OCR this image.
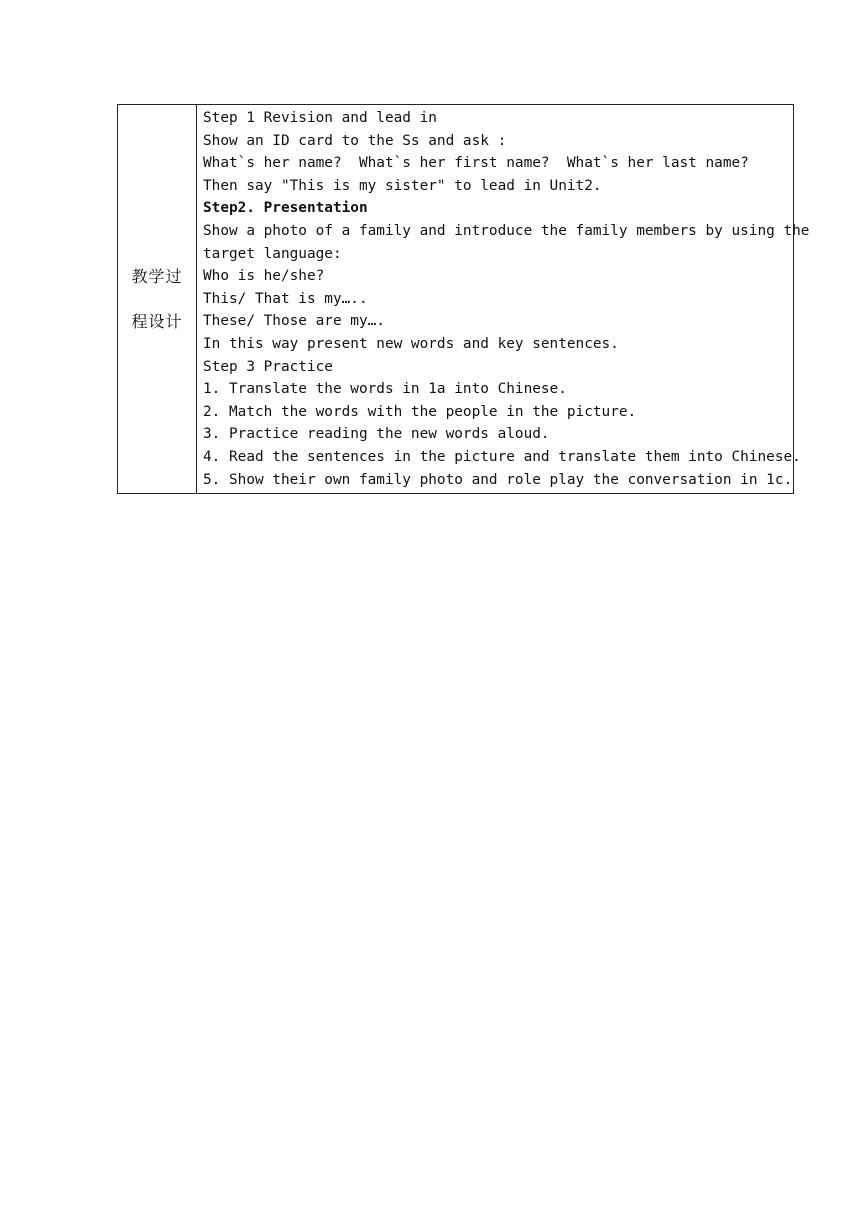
教学过
程设计

Step 1 Revision and lead in
Show an ID card to the Ss and ask :
What`s her name?  What`s her first name?  What`s her last name?
Then say "This is my sister" to lead in Unit2.
Step2. Presentation
Show a photo of a family and introduce the family members by using the
target language:
Who is he/she?
This/ That is my…..
These/ Those are my….
In this way present new words and key sentences.
Step 3 Practice
1. Translate the words in 1a into Chinese.
2. Match the words with the people in the picture.
3. Practice reading the new words aloud.
4. Read the sentences in the picture and translate them into Chinese.
5. Show their own family photo and role play the conversation in 1c.
